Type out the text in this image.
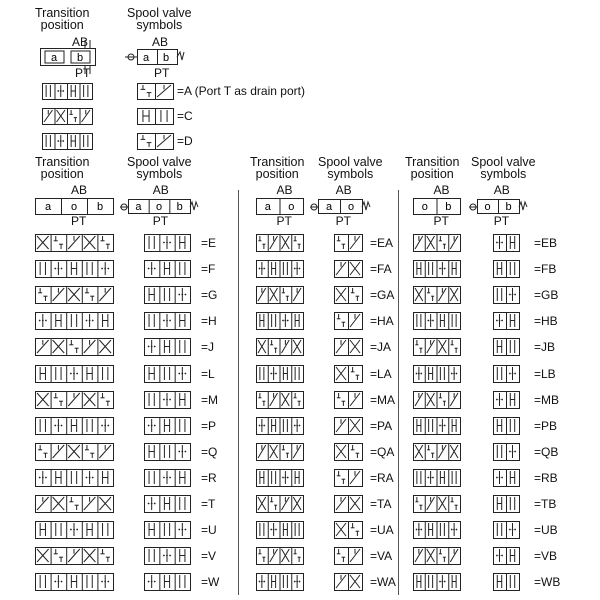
Transition
position
Spool valve
symbols
AB
PT
a b
AB
PT
a b
=A (Port T as drain port)
=C
=D
Transition
position
Spool valve
symbols
Transition
position
Spool valve
symbols
Transition
position
Spool valve
symbols
AB
PT
AB
PT
a o b	a o b
AB
PT
AB
PT
a o	a o
AB
PT
AB
PT
o b	o b
=E
=F
=G
=H
=J
=L
=M
=P
=Q
=R
=T
=U
=V
=W
=EA
=FA
=GA
=HA
=JA
=LA
=MA
=PA
=QA
=RA
=TA
=UA
=VA
=WA
=EB
=FB
=GB
=HB
=JB
=LB
=MB
=PB
=QB
=RB
=TB
=UB
=VB
=WB
